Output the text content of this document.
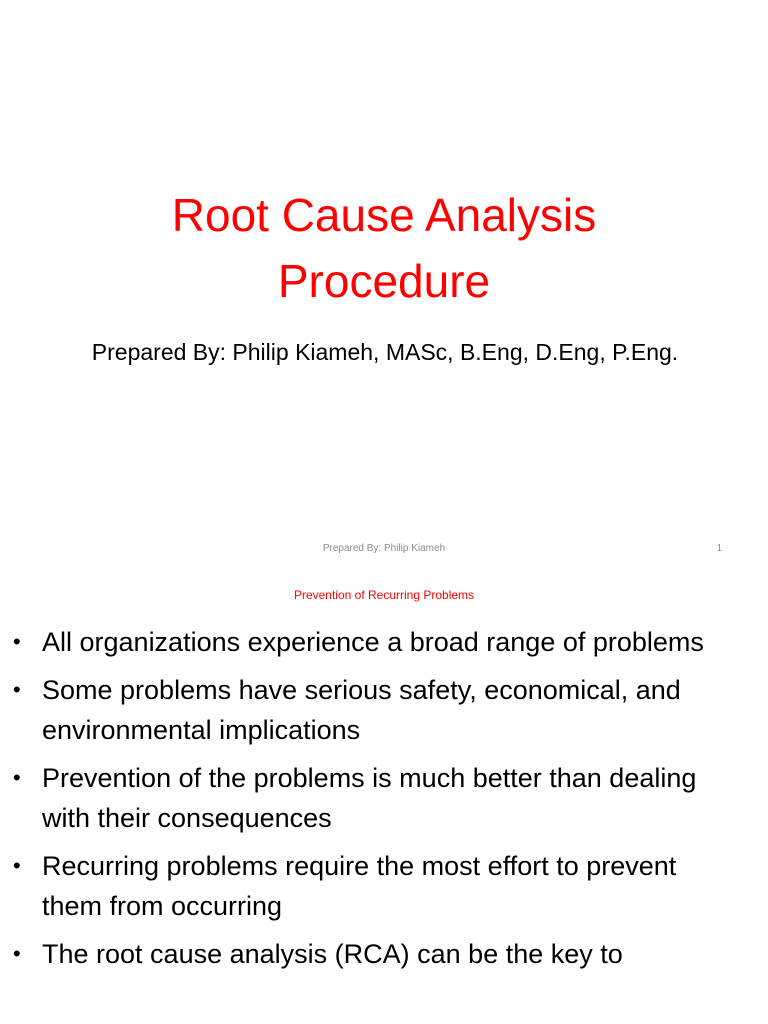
Root Cause Analysis
Procedure

Prepared By: Philip Kiameh, MASc, B.Eng, D.Eng, P.Eng.

Prepared By: Philip Kiameh	1
Prevention of Recurring Problems
• All organizations experience a broad range of problems
• Some problems have serious safety, economical, and environmental implications
• Prevention of the problems is much better than dealing with their consequences
• Recurring problems require the most effort to prevent them from occurring
• The root cause analysis (RCA) can be the key to
